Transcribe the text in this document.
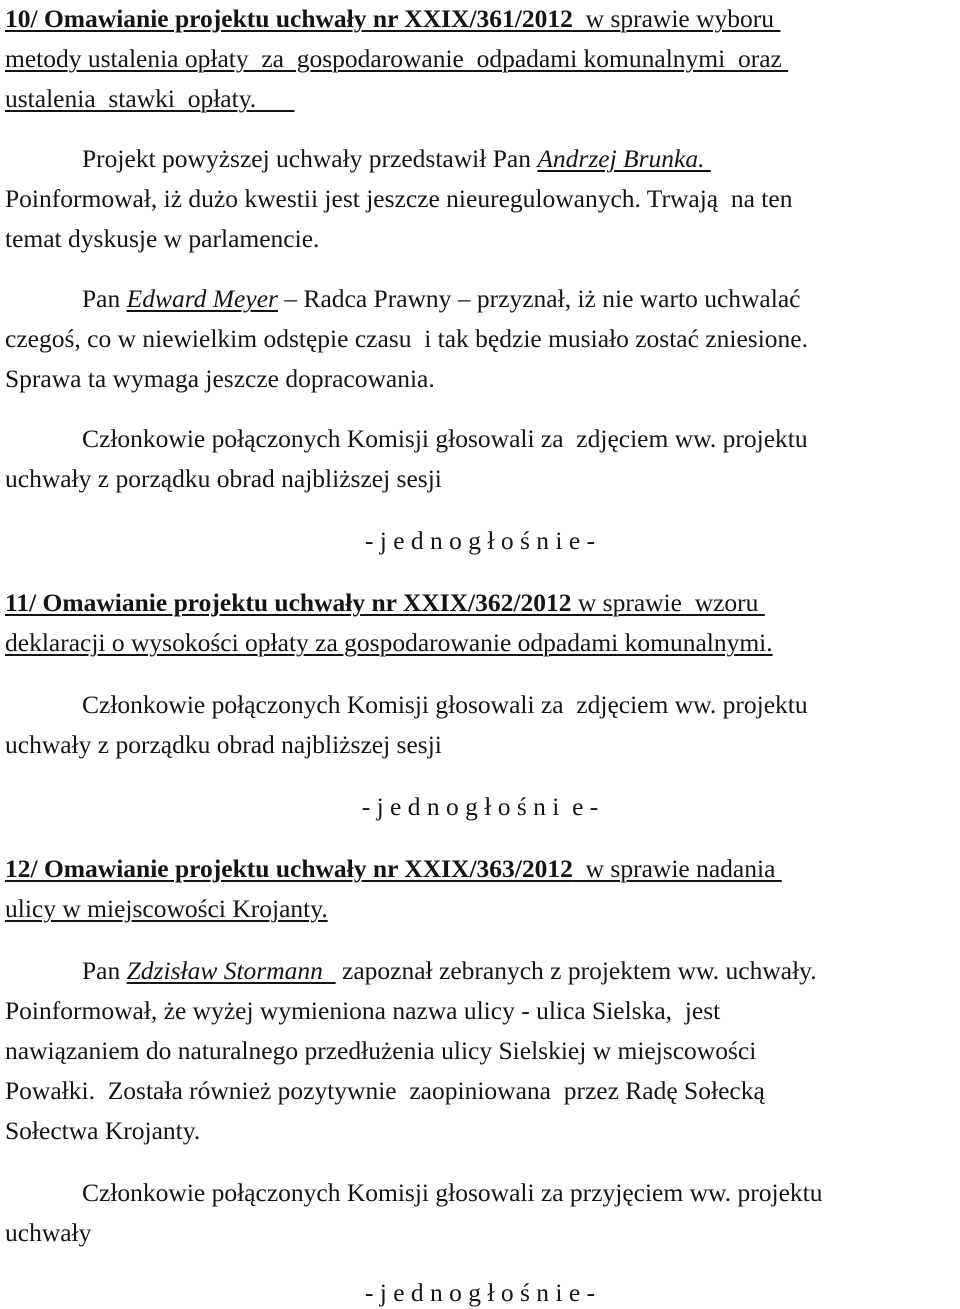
10/ Omawianie projektu uchwały nr XXIX/361/2012  w sprawie wyboru

metody ustalenia opłaty  za  gospodarowanie  odpadami komunalnymi  oraz

ustalenia  stawki  opłaty.

Projekt powyższej uchwały przedstawił Pan Andrzej Brunka.

Poinformował, iż dużo kwestii jest jeszcze nieuregulowanych. Trwają  na ten

temat dyskusje w parlamencie.

Pan Edward Meyer – Radca Prawny – przyznał, iż nie warto uchwalać

czegoś, co w niewielkim odstępie czasu  i tak będzie musiało zostać zniesione.

Sprawa ta wymaga jeszcze dopracowania.

Członkowie połączonych Komisji głosowali za  zdjęciem ww. projektu

uchwały z porządku obrad najbliższej sesji

- j e d n o g ł o ś n i e -

11/ Omawianie projektu uchwały nr XXIX/362/2012 w sprawie  wzoru

deklaracji o wysokości opłaty za gospodarowanie odpadami komunalnymi.

Członkowie połączonych Komisji głosowali za  zdjęciem ww. projektu

uchwały z porządku obrad najbliższej sesji

- j e d n o g ł o ś n i  e -

12/ Omawianie projektu uchwały nr XXIX/363/2012  w sprawie nadania

ulicy w miejscowości Krojanty.

Pan Zdzisław Stormann   zapoznał zebranych z projektem ww. uchwały.

Poinformował, że wyżej wymieniona nazwa ulicy - ulica Sielska,  jest

nawiązaniem do naturalnego przedłużenia ulicy Sielskiej w miejscowości

Powałki.  Została również pozytywnie  zaopiniowana  przez Radę Sołecką

Sołectwa Krojanty.

Członkowie połączonych Komisji głosowali za przyjęciem ww. projektu

uchwały

- j e d n o g ł o ś n i e -
